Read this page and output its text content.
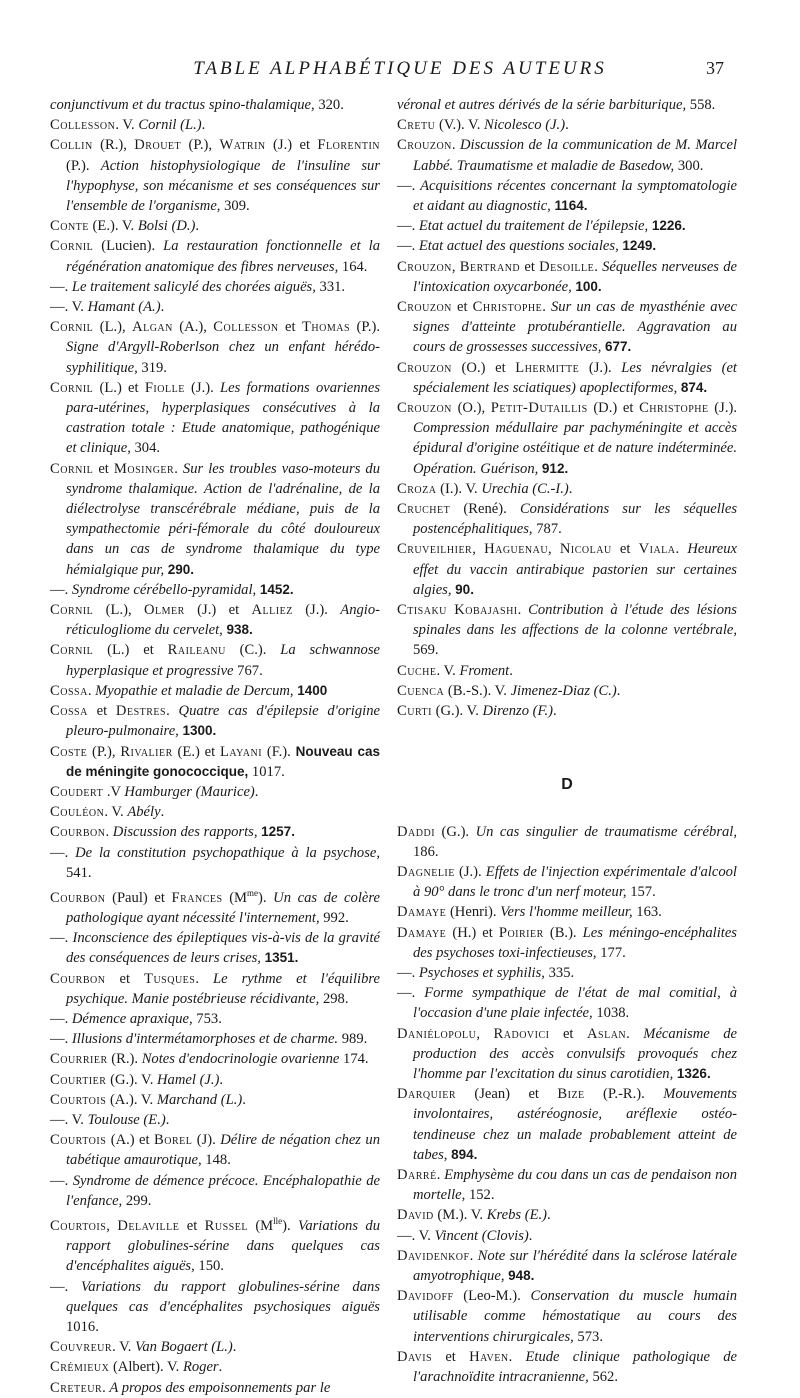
TABLE ALPHABÉTIQUE DES AUTEURS	37

conjunctivum et du tractus spino-thalamique, 320.

Collesson. V. Cornil (L.).

Collin (R.), Drouet (P.), Watrin (J.) et Florentin (P.). Action histophysiologique de l'insuline sur l'hypophyse, son mécanisme et ses conséquences sur l'ensemble de l'organisme, 309.

Conte (E.). V. Bolsi (D.).

Cornil (Lucien). La restauration fonctionnelle et la régénération anatomique des fibres nerveuses, 164.

—. Le traitement salicylé des chorées aiguës, 331.

—. V. Hamant (A.).

Cornil (L.), Algan (A.), Collesson et Thomas (P.). Signe d'Argyll-Roberlson chez un enfant hérédo-syphilitique, 319.

Cornil (L.) et Fiolle (J.). Les formations ovariennes para-utérines, hyperplasiques consécutives à la castration totale : Etude anatomique, pathogénique et clinique, 304.

Cornil et Mosinger. Sur les troubles vaso-moteurs du syndrome thalamique. Action de l'adrénaline, de la diélectrolyse transcérébrale médiane, puis de la sympathectomie péri-fémorale du côté douloureux dans un cas de syndrome thalamique du type hémialgique pur, 290.

—. Syndrome cérébello-pyramidal, 1452.

Cornil (L.), Olmer (J.) et Alliez (J.). Angio-réticulogliome du cervelet, 938.

Cornil (L.) et Raileanu (C.). La schwannose hyperplasique et progressive 767.

Cossa. Myopathie et maladie de Dercum, 1400

Cossa et Destres. Quatre cas d'épilepsie d'origine pleuro-pulmonaire, 1300.

Coste (P.), Rivalier (E.) et Layani (F.). Nouveau cas de méningite gonococcique, 1017.

Coudert .V Hamburger (Maurice).

Couléon. V. Abély.

Courbon. Discussion des rapports, 1257.

—. De la constitution psychopathique à la psychose, 541.

Courbon (Paul) et Frances $(M^{me})$. Un cas de colère pathologique ayant nécessité l'internement, 992.

—. Inconscience des épileptiques vis-à-vis de la gravité des conséquences de leurs crises, 1351.

Courbon et Tusques. Le rythme et l'équilibre psychique. Manie postébrieuse récidivante, 298.

—. Démence apraxique, 753.

—. Illusions d'intermétamorphoses et de charme. 989.

Courrier (R.). Notes d'endocrinologie ovarienne 174.

Courtier (G.). V. Hamel (J.).

Courtois (A.). V. Marchand (L.).

—. V. Toulouse (E.).

Courtois (A.) et Borel (J). Délire de négation chez un tabétique amaurotique, 148.

—. Syndrome de démence précoce. Encéphalopathie de l'enfance, 299.

Courtois, Delaville et Russel $(M^{lle})$. Variations du rapport globulines-sérine dans quelques cas d'encéphalites aiguës, 150.

—. Variations du rapport globulines-sérine dans quelques cas d'encéphalites psychosiques aiguës 1016.

Couvreur. V. Van Bogaert (L.).

Crémieux (Albert). V. Roger.

Creteur. A propos des empoisonnements par le

véronal et autres dérivés de la série barbiturique, 558.

Cretu (V.). V. Nicolesco (J.).

Crouzon. Discussion de la communication de M. Marcel Labbé. Traumatisme et maladie de Basedow, 300.

—. Acquisitions récentes concernant la symptomatologie et aidant au diagnostic, 1164.

—. Etat actuel du traitement de l'épilepsie, 1226.

—. Etat actuel des questions sociales, 1249.

Crouzon, Bertrand et Desoille. Séquelles nerveuses de l'intoxication oxycarbonée, 100.

Crouzon et Christophe. Sur un cas de myasthénie avec signes d'atteinte protubérantielle. Aggravation au cours de grossesses successives, 677.

Crouzon (O.) et Lhermitte (J.). Les névralgies (et spécialement les sciatiques) apoplectiformes, 874.

Crouzon (O.), Petit-Dutaillis (D.) et Christophe (J.). Compression médullaire par pachyméningite et accès épidural d'origine ostéitique et de nature indéterminée. Opération. Guérison, 912.

Croza (I.). V. Urechia (C.-I.).

Cruchet (René). Considérations sur les séquelles postencéphalitiques, 787.

Cruveilhier, Haguenau, Nicolau et Viala. Heureux effet du vaccin antirabique pastorien sur certaines algies, 90.

Ctisaku Kobajashi. Contribution à l'étude des lésions spinales dans les affections de la colonne vertébrale, 569.

Cuche. V. Froment.

Cuenca (B.-S.). V. Jimenez-Diaz (C.).

Curti (G.). V. Direnzo (F.).

D

Daddi (G.). Un cas singulier de traumatisme cérébral, 186.

Dagnelie (J.). Effets de l'injection expérimentale d'alcool à 90° dans le tronc d'un nerf moteur, 157.

Damaye (Henri). Vers l'homme meilleur, 163.

Damaye (H.) et Poirier (B.). Les méningo-encéphalites des psychoses toxi-infectieuses, 177.

—. Psychoses et syphilis, 335.

—. Forme sympathique de l'état de mal comitial, à l'occasion d'une plaie infectée, 1038.

Daniélopolu, Radovici et Aslan. Mécanisme de production des accès convulsifs provoqués chez l'homme par l'excitation du sinus carotidien, 1326.

Darquier (Jean) et Bize (P.-R.). Mouvements involontaires, astéréognosie, aréflexie ostéo-tendineuse chez un malade probablement atteint de tabes, 894.

Darré. Emphysème du cou dans un cas de pendaison non mortelle, 152.

David (M.). V. Krebs (E.).

—. V. Vincent (Clovis).

Davidenkof. Note sur l'hérédité dans la sclérose latérale amyotrophique, 948.

Davidoff (Leo-M.). Conservation du muscle humain utilisable comme hémostatique au cours des interventions chirurgicales, 573.

Davis et Haven. Etude clinique pathologique de l'arachnoïdite intracranienne, 562.
